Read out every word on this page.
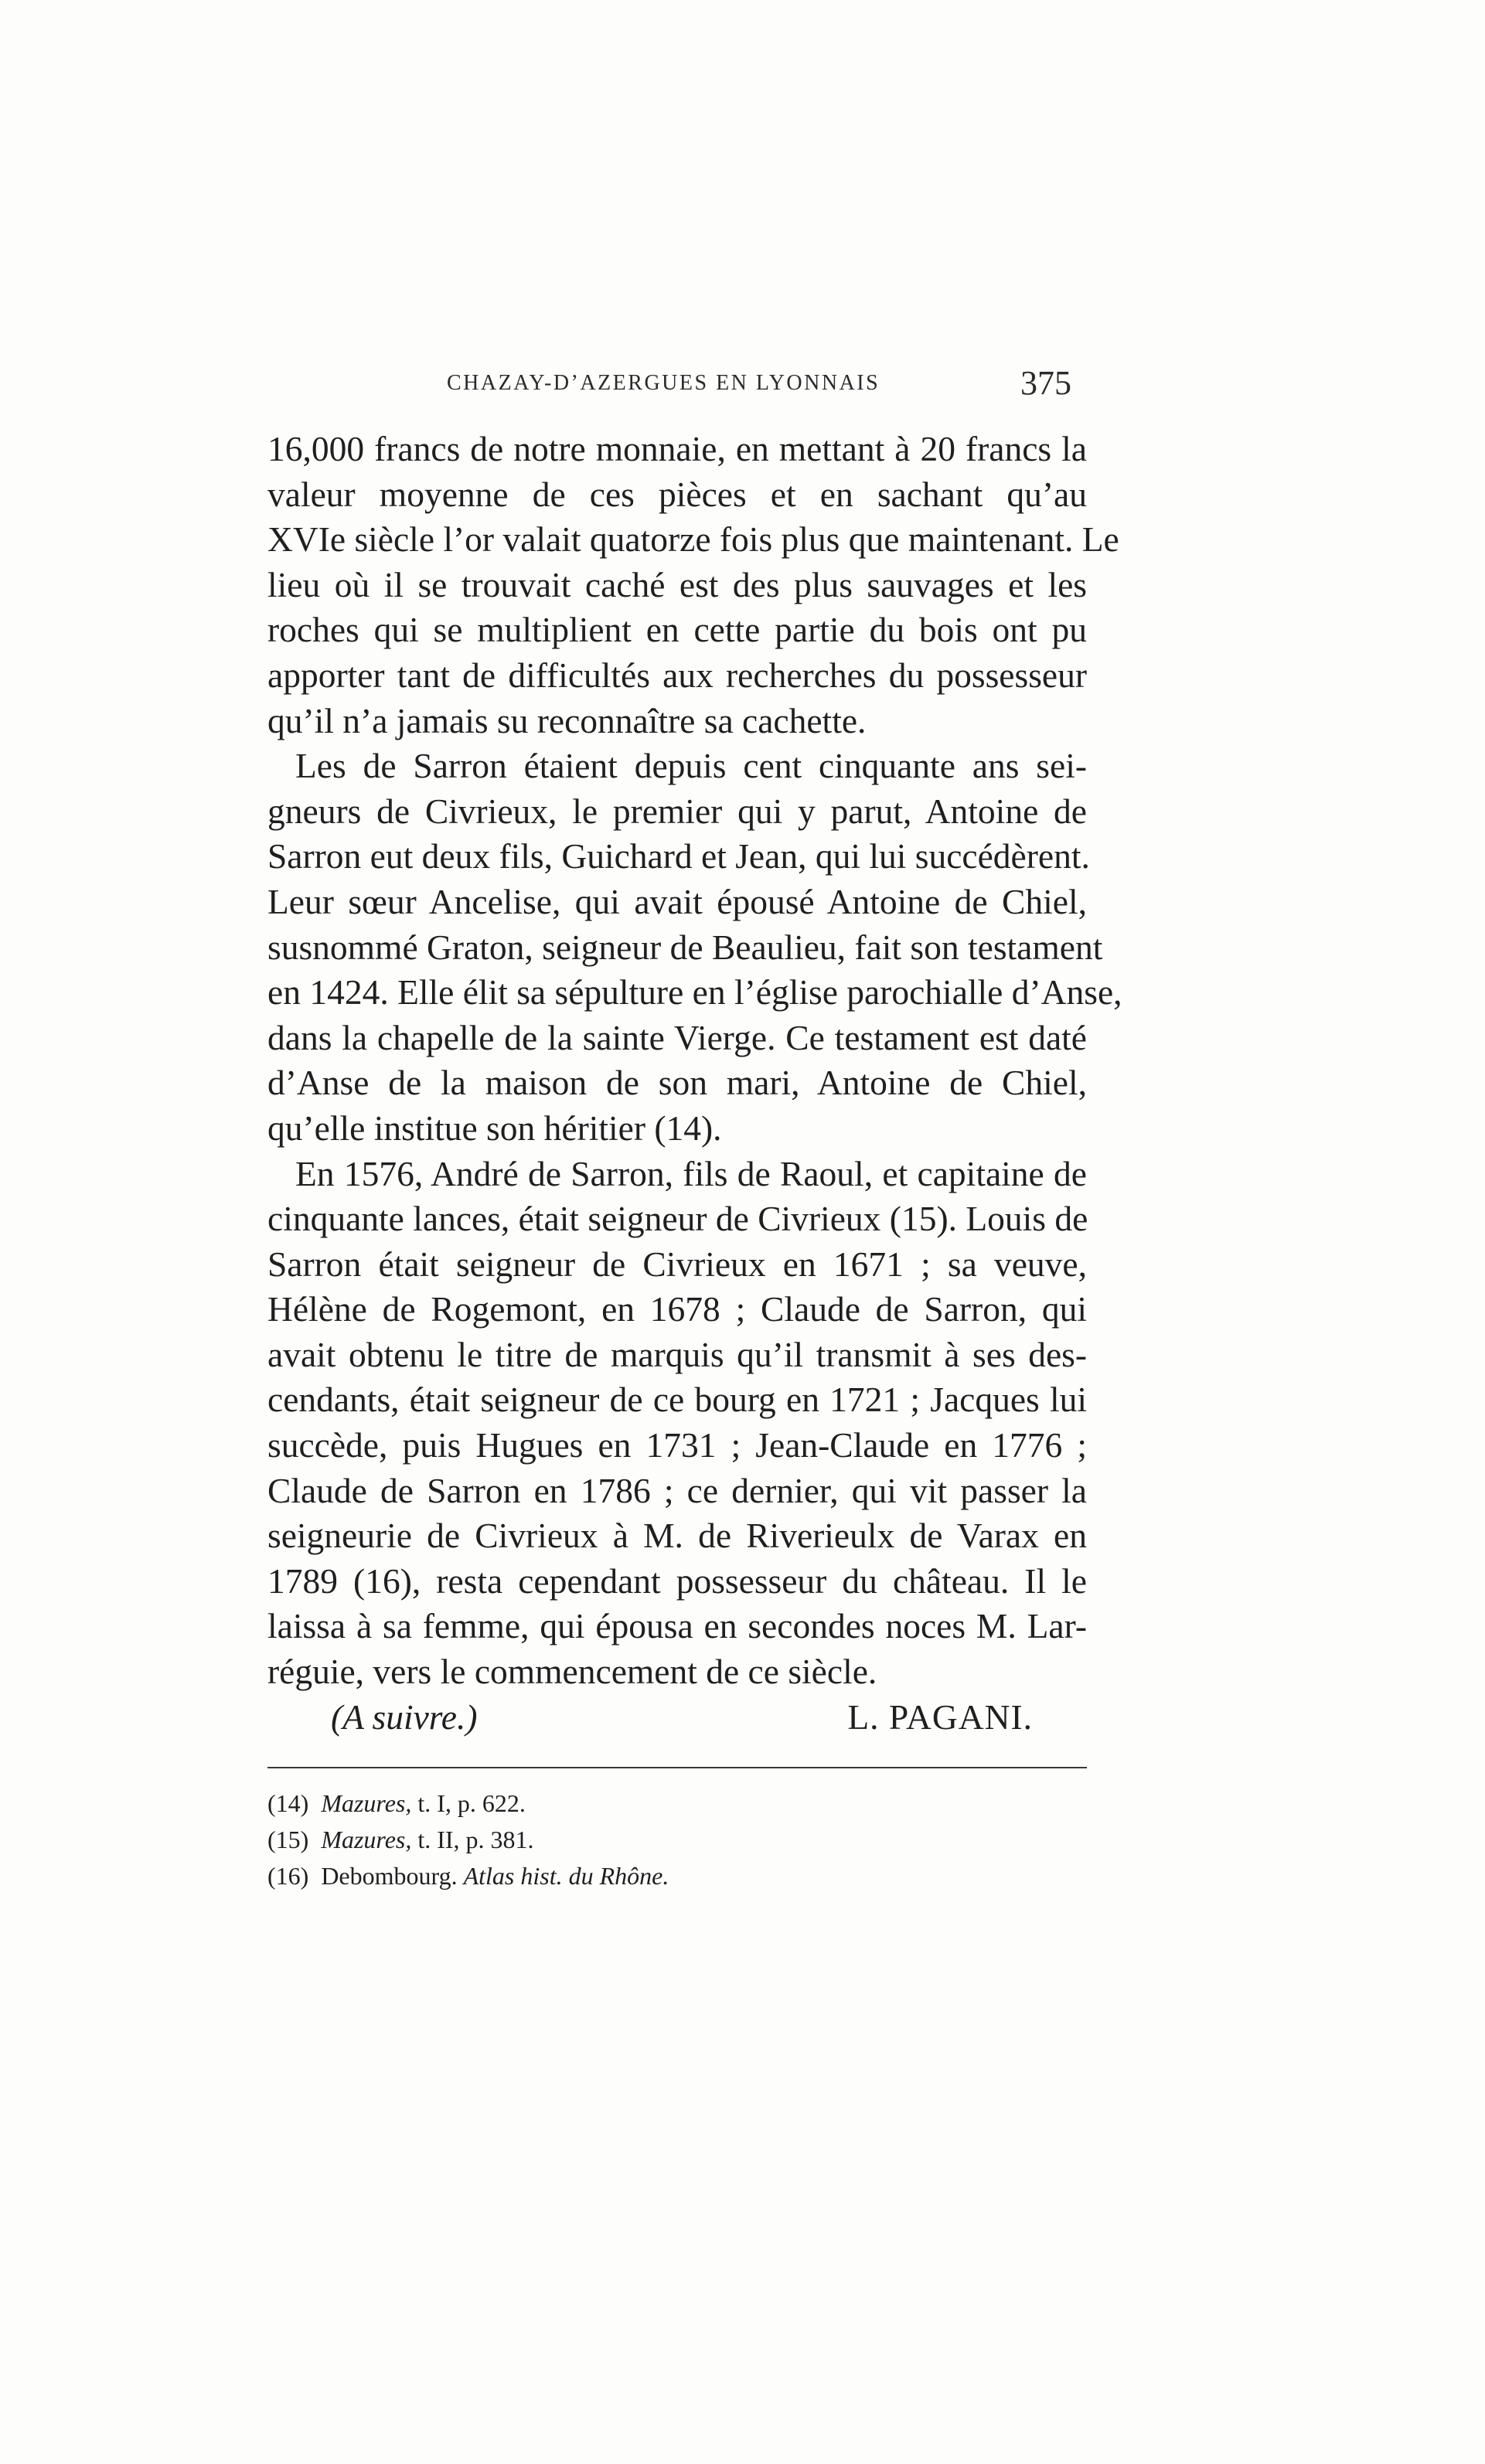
CHAZAY-D’AZERGUES EN LYONNAIS	375
16,000 francs de notre monnaie, en mettant à 20 francs la
valeur moyenne de ces pièces et en sachant qu’au
XVIe siècle l’or valait quatorze fois plus que maintenant. Le
lieu où il se trouvait caché est des plus sauvages et les
roches qui se multiplient en cette partie du bois ont pu
apporter tant de difficultés aux recherches du possesseur
qu’il n’a jamais su reconnaître sa cachette.
Les de Sarron étaient depuis cent cinquante ans sei-
gneurs de Civrieux, le premier qui y parut, Antoine de
Sarron eut deux fils, Guichard et Jean, qui lui succédèrent.
Leur sœur Ancelise, qui avait épousé Antoine de Chiel,
susnommé Graton, seigneur de Beaulieu, fait son testament
en 1424. Elle élit sa sépulture en l’église parochialle d’Anse,
dans la chapelle de la sainte Vierge. Ce testament est daté
d’Anse de la maison de son mari, Antoine de Chiel,
qu’elle institue son héritier (14).
En 1576, André de Sarron, fils de Raoul, et capitaine de
cinquante lances, était seigneur de Civrieux (15). Louis de
Sarron était seigneur de Civrieux en 1671 ; sa veuve,
Hélène de Rogemont, en 1678 ; Claude de Sarron, qui
avait obtenu le titre de marquis qu’il transmit à ses des-
cendants, était seigneur de ce bourg en 1721 ; Jacques lui
succède, puis Hugues en 1731 ; Jean-Claude en 1776 ;
Claude de Sarron en 1786 ; ce dernier, qui vit passer la
seigneurie de Civrieux à M. de Riverieulx de Varax en
1789 (16), resta cependant possesseur du château. Il le
laissa à sa femme, qui épousa en secondes noces M. Lar-
réguie, vers le commencement de ce siècle.
(A suivre.)	L. PAGANI.
(14) Mazures, t. I, p. 622.
(15) Mazures, t. II, p. 381.
(16) Debombourg. Atlas hist. du Rhône.
